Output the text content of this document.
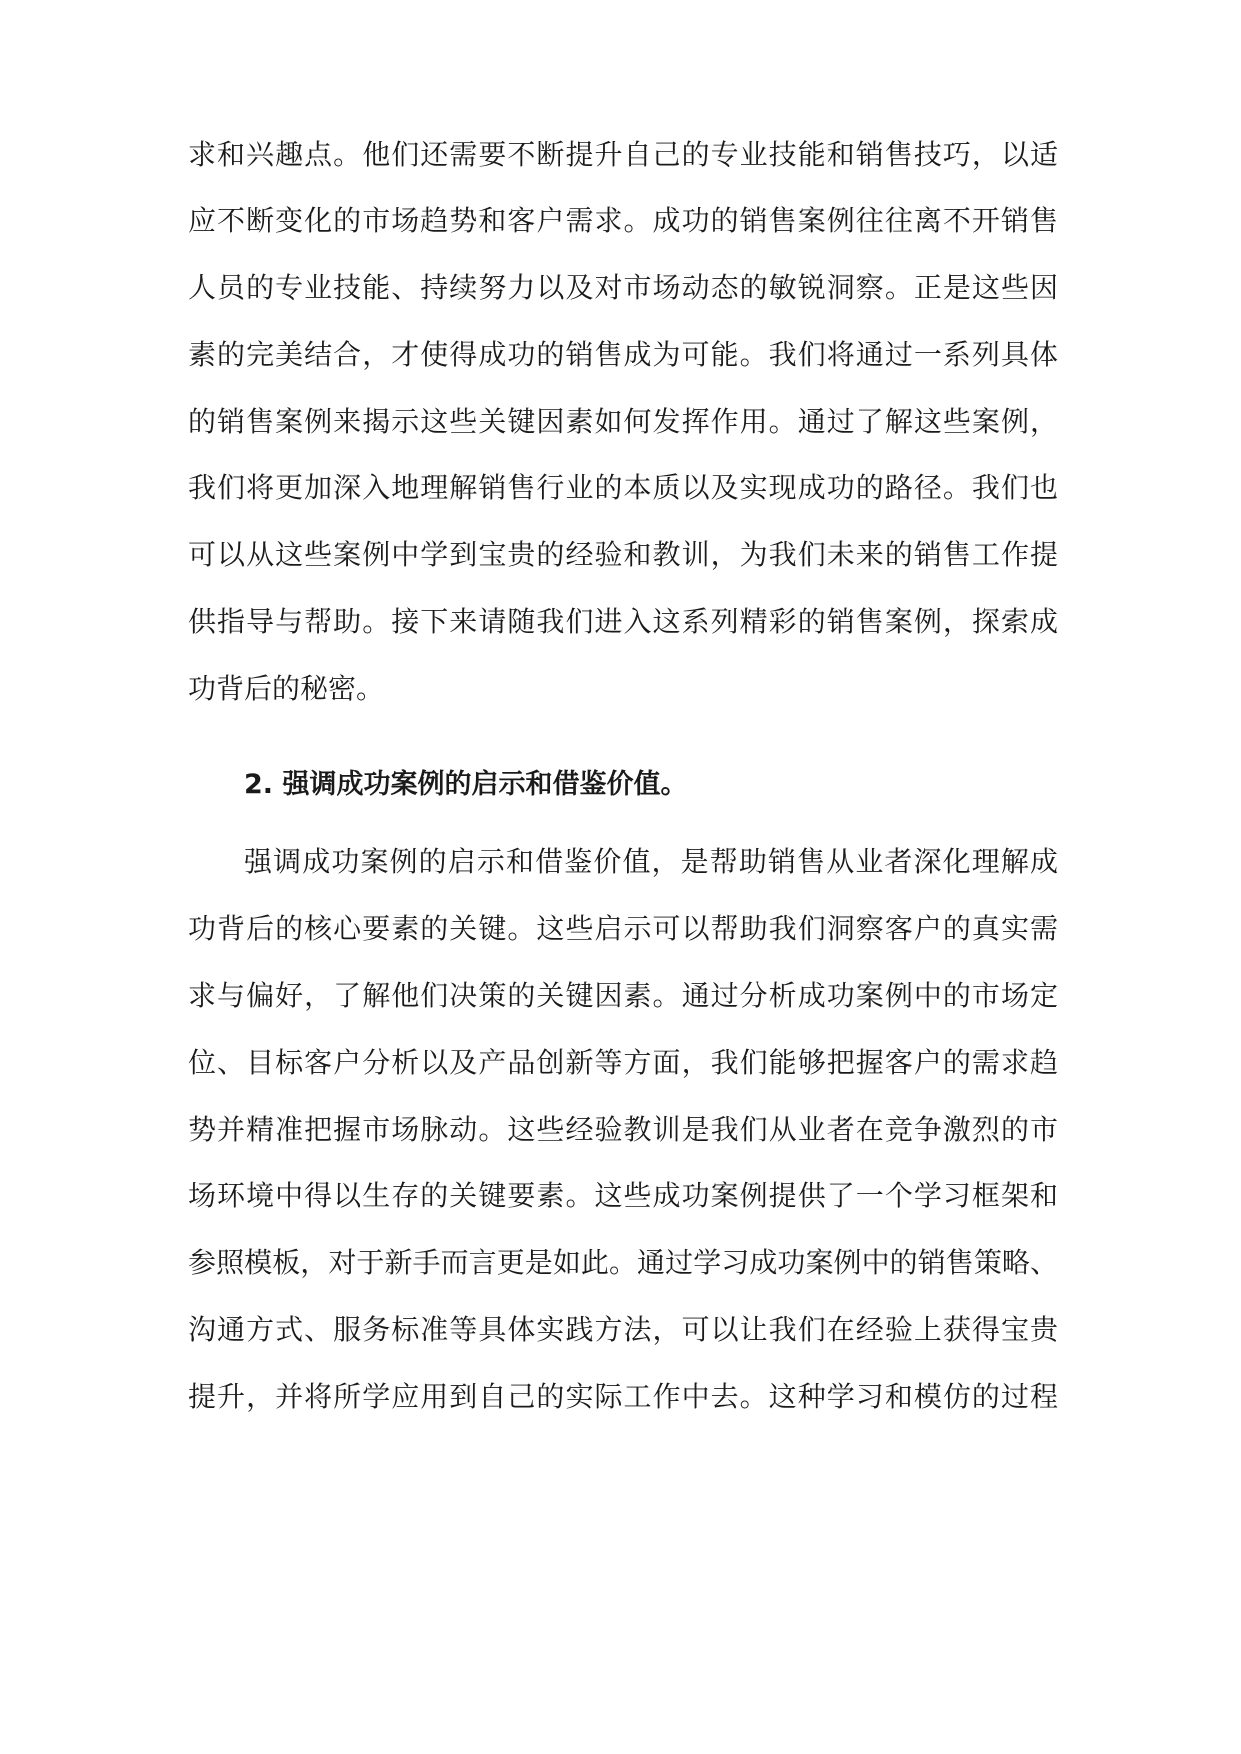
求和兴趣点。他们还需要不断提升自己的专业技能和销售技巧，以适
应不断变化的市场趋势和客户需求。成功的销售案例往往离不开销售
人员的专业技能、持续努力以及对市场动态的敏锐洞察。正是这些因
素的完美结合，才使得成功的销售成为可能。我们将通过一系列具体
的销售案例来揭示这些关键因素如何发挥作用。通过了解这些案例，
我们将更加深入地理解销售行业的本质以及实现成功的路径。我们也
可以从这些案例中学到宝贵的经验和教训，为我们未来的销售工作提
供指导与帮助。接下来请随我们进入这系列精彩的销售案例，探索成
功背后的秘密。
2. 强调成功案例的启示和借鉴价值。
强调成功案例的启示和借鉴价值，是帮助销售从业者深化理解成
功背后的核心要素的关键。这些启示可以帮助我们洞察客户的真实需
求与偏好，了解他们决策的关键因素。通过分析成功案例中的市场定
位、目标客户分析以及产品创新等方面，我们能够把握客户的需求趋
势并精准把握市场脉动。这些经验教训是我们从业者在竞争激烈的市
场环境中得以生存的关键要素。这些成功案例提供了一个学习框架和
参照模板，对于新手而言更是如此。通过学习成功案例中的销售策略、
沟通方式、服务标准等具体实践方法，可以让我们在经验上获得宝贵
提升，并将所学应用到自己的实际工作中去。这种学习和模仿的过程
